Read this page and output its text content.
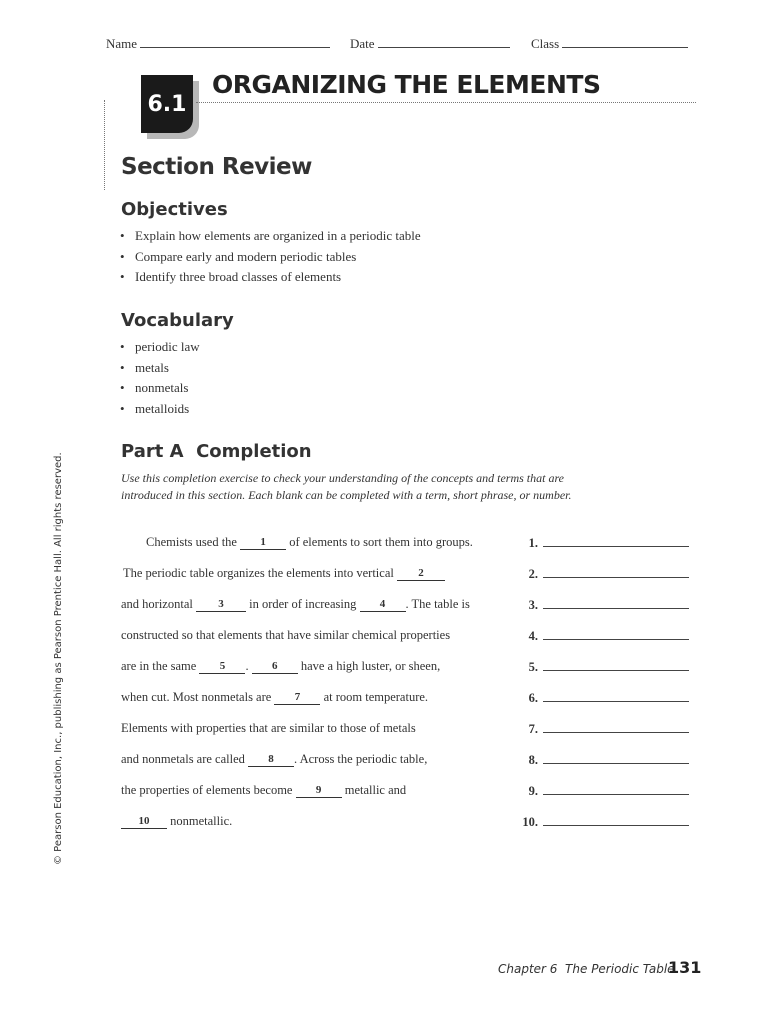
Name	Date	Class
6.1
ORGANIZING THE ELEMENTS
Section Review
Objectives
• Explain how elements are organized in a periodic table
• Compare early and modern periodic tables
• Identify three broad classes of elements
Vocabulary
• periodic law
• metals
• nonmetals
• metalloids
Part A  Completion
Use this completion exercise to check your understanding of the concepts and terms that are introduced in this section. Each blank can be completed with a term, short phrase, or number.
Chemists used the 1 of elements to sort them into groups.
The periodic table organizes the elements into vertical 2
and horizontal 3 in order of increasing 4 . The table is
constructed so that elements that have similar chemical properties
are in the same 5 . 6 have a high luster, or sheen,
when cut. Most nonmetals are 7 at room temperature.
Elements with properties that are similar to those of metals
and nonmetals are called 8 . Across the periodic table,
the properties of elements become 9 metallic and
10 nonmetallic.
1.
2.
3.
4.
5.
6.
7.
8.
9.
10.
© Pearson Education, Inc., publishing as Pearson Prentice Hall. All rights reserved.
Chapter 6  The Periodic Table
131
